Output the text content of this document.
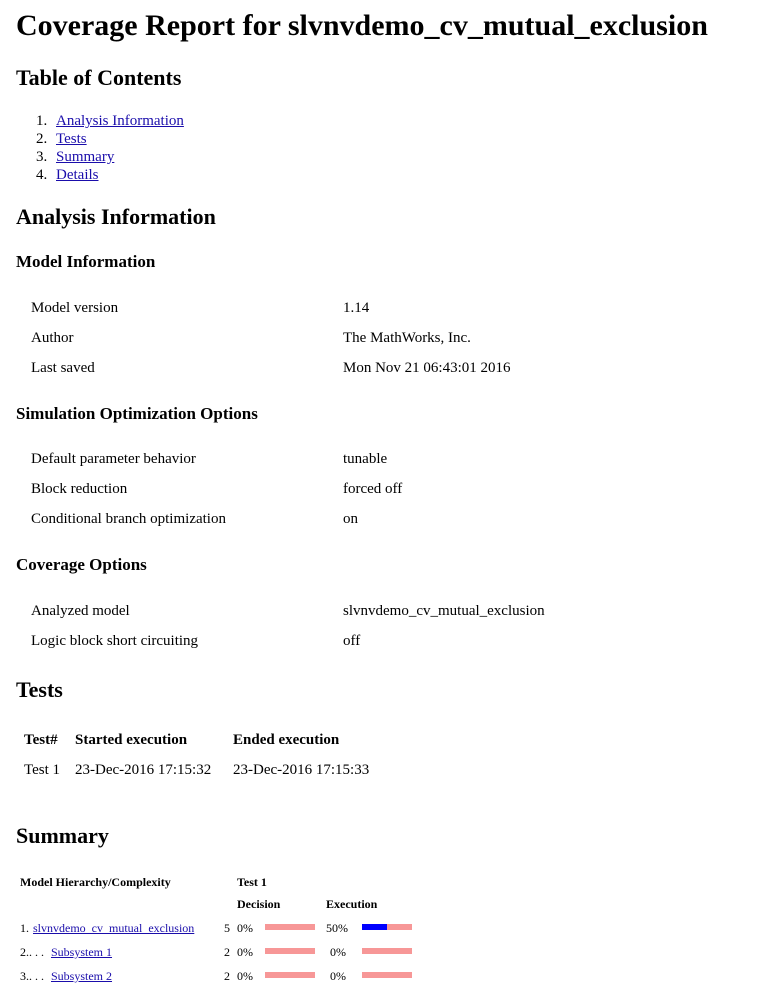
Coverage Report for slvnvdemo_cv_mutual_exclusion
Table of Contents
1. Analysis Information
2. Tests
3. Summary
4. Details
Analysis Information
Model Information
Model version	1.14
Author	The MathWorks, Inc.
Last saved	Mon Nov 21 06:43:01 2016
Simulation Optimization Options
Default parameter behavior	tunable
Block reduction	forced off
Conditional branch optimization	on
Coverage Options
Analyzed model	slvnvdemo_cv_mutual_exclusion
Logic block short circuiting	off
Tests
Test# Started execution	Ended execution
Test 1 23-Dec-2016 17:15:32 23-Dec-2016 17:15:33
Summary
Model Hierarchy/Complexity	Test 1
Decision	Execution
1. slvnvdemo_cv_mutual_exclusion 5 0%	50%
2.. . . Subsystem 1	2 0%	0%
3.. . . Subsystem 2	2 0%	0%
